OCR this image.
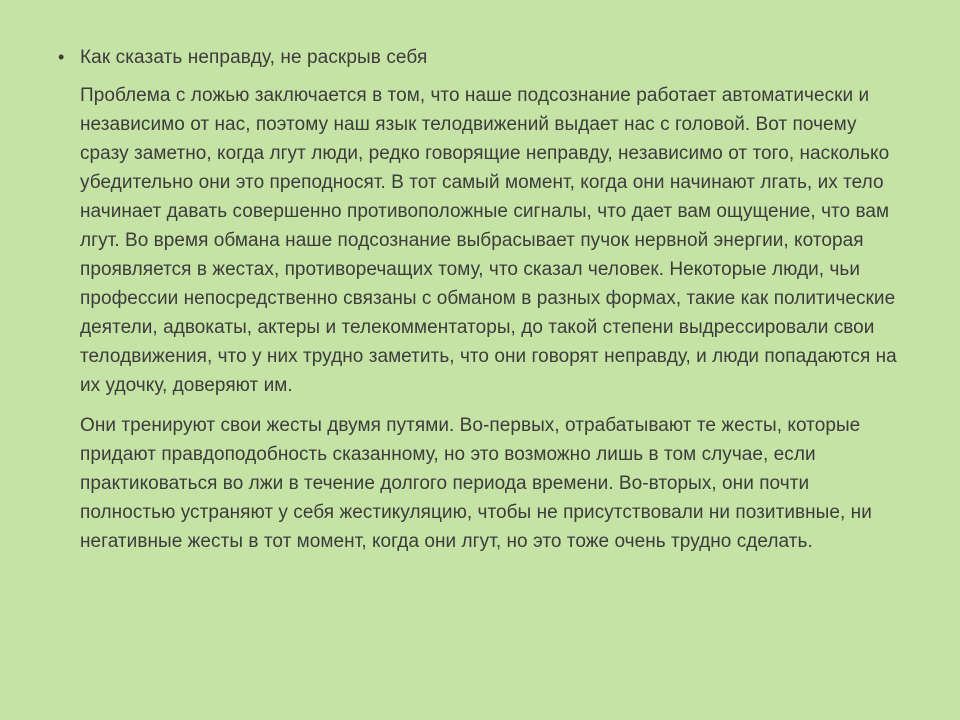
• Как сказать неправду, не раскрыв себя
Проблема с ложью заключается в том, что наше подсознание работает автоматически и независимо от нас, поэтому наш язык телодвижений выдает нас с головой. Вот почему сразу заметно, когда лгут люди, редко говорящие неправду, независимо от того, насколько убедительно они это преподносят. В тот самый момент, когда они начинают лгать, их тело начинает давать совершенно противоположные сигналы, что дает вам ощущение, что вам лгут. Во время обмана наше подсознание выбрасывает пучок нервной энергии, которая проявляется в жестах, противоречащих тому, что сказал человек. Некоторые люди, чьи профессии непосредственно связаны с обманом в разных формах, такие как политические деятели, адвокаты, актеры и телекомментаторы, до такой степени выдрессировали свои телодвижения, что у них трудно заметить, что они говорят неправду, и люди попадаются на их удочку, доверяют им.
Они тренируют свои жесты двумя путями. Во-первых, отрабатывают те жесты, которые придают правдоподобность сказанному, но это возможно лишь в том случае, если практиковаться во лжи в течение долгого периода времени. Во-вторых, они почти полностью устраняют у себя жестикуляцию, чтобы не присутствовали ни позитивные, ни негативные жесты в тот момент, когда они лгут, но это тоже очень трудно сделать.
